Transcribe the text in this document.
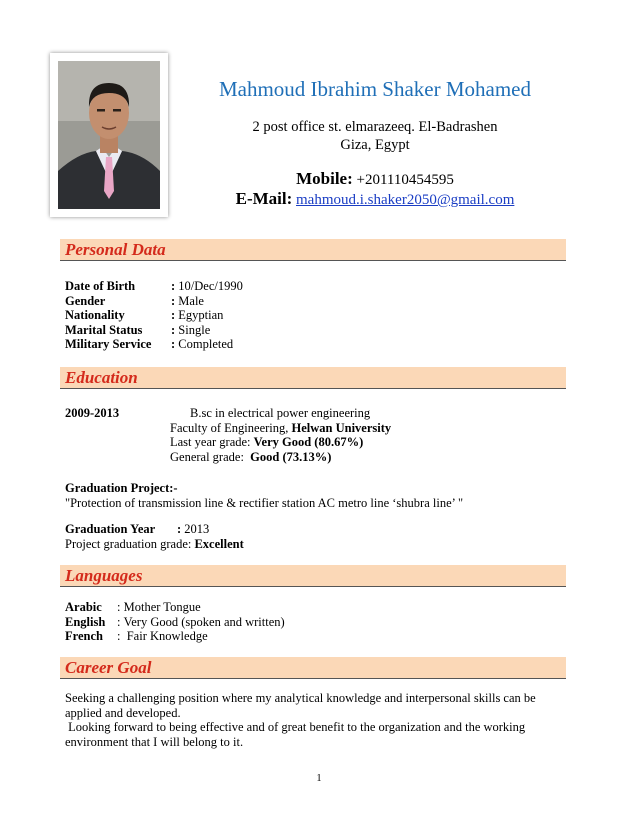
Mahmoud Ibrahim Shaker Mohamed
2 post office st. elmarazeeq. El-Badrashen
Giza, Egypt
Mobile: +201110454595
E-Mail: mahmoud.i.shaker2050@gmail.com
Personal Data
Date of Birth	: 10/Dec/1990
Gender	: Male
Nationality	: Egyptian
Marital Status	: Single
Military Service	: Completed
Education
2009-2013	B.sc in electrical power engineering
Faculty of Engineering, Helwan University
Last year grade: Very Good (80.67%)
General grade: Good (73.13%)
Graduation Project:-
"Protection of transmission line & rectifier station AC metro line ‘shubra line’ "
Graduation Year : 2013
Project graduation grade: Excellent
Languages
Arabic	: Mother Tongue
English : Very Good (spoken and written)
French	: Fair Knowledge
Career Goal
Seeking a challenging position where my analytical knowledge and interpersonal skills can be
applied and developed.
Looking forward to being effective and of great benefit to the organization and the working
environment that I will belong to it.
1
